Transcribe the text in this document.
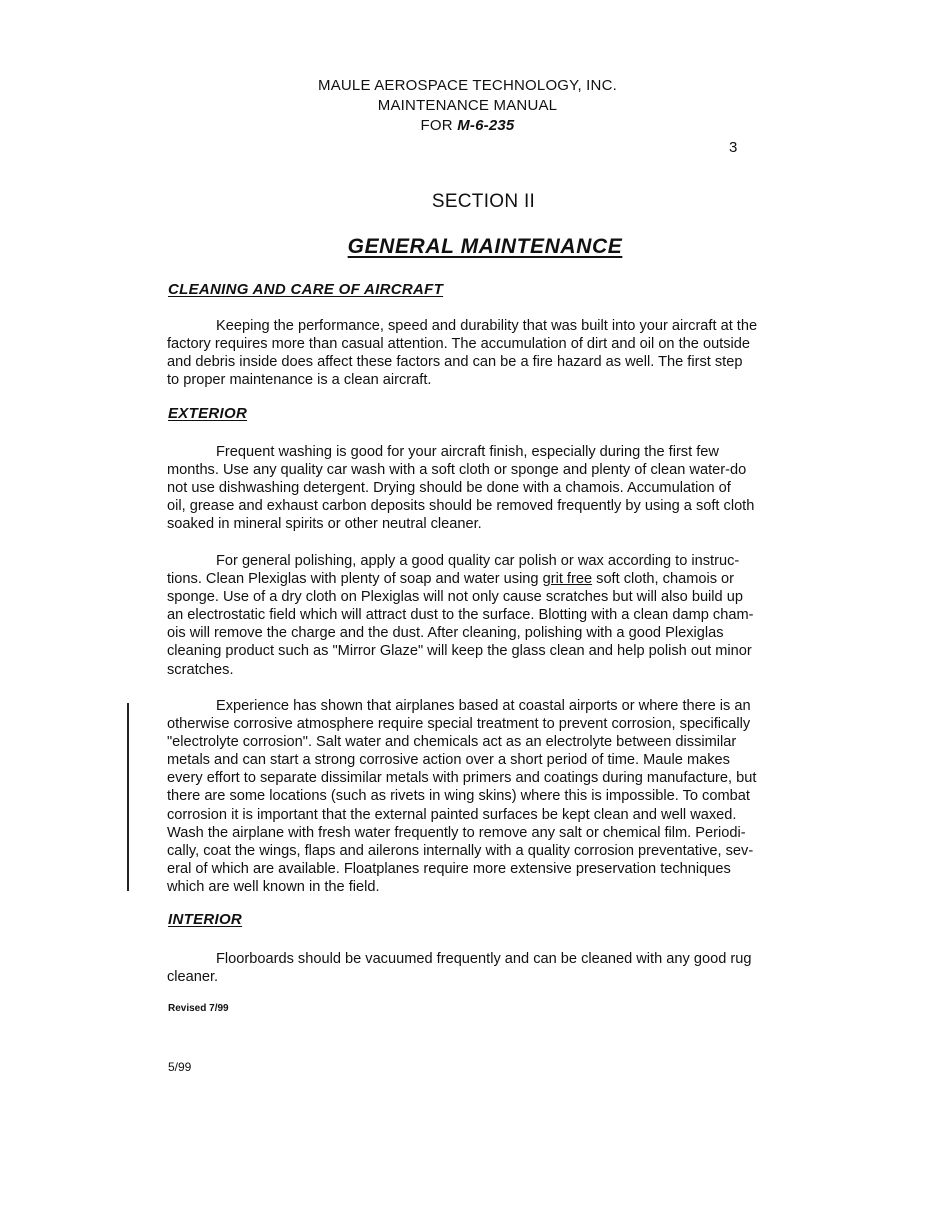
MAULE AEROSPACE TECHNOLOGY, INC.
MAINTENANCE MANUAL
FOR M-6-235
3
SECTION II
GENERAL MAINTENANCE
CLEANING AND CARE OF AIRCRAFT
Keeping the performance, speed and durability that was built into your aircraft at the
factory requires more than casual attention. The accumulation of dirt and oil on the outside
and debris inside does affect these factors and can be a fire hazard as well. The first step
to proper maintenance is a clean aircraft.
EXTERIOR
Frequent washing is good for your aircraft finish, especially during the first few
months. Use any quality car wash with a soft cloth or sponge and plenty of clean water-do
not use dishwashing detergent. Drying should be done with a chamois. Accumulation of
oil, grease and exhaust carbon deposits should be removed frequently by using a soft cloth
soaked in mineral spirits or other neutral cleaner.
For general polishing, apply a good quality car polish or wax according to instruc-
tions. Clean Plexiglas with plenty of soap and water using grit free soft cloth, chamois or
sponge. Use of a dry cloth on Plexiglas will not only cause scratches but will also build up
an electrostatic field which will attract dust to the surface. Blotting with a clean damp cham-
ois will remove the charge and the dust. After cleaning, polishing with a good Plexiglas
cleaning product such as "Mirror Glaze" will keep the glass clean and help polish out minor
scratches.
Experience has shown that airplanes based at coastal airports or where there is an
otherwise corrosive atmosphere require special treatment to prevent corrosion, specifically
"electrolyte corrosion". Salt water and chemicals act as an electrolyte between dissimilar
metals and can start a strong corrosive action over a short period of time. Maule makes
every effort to separate dissimilar metals with primers and coatings during manufacture, but
there are some locations (such as rivets in wing skins) where this is impossible. To combat
corrosion it is important that the external painted surfaces be kept clean and well waxed.
Wash the airplane with fresh water frequently to remove any salt or chemical film. Periodi-
cally, coat the wings, flaps and ailerons internally with a quality corrosion preventative, sev-
eral of which are available. Floatplanes require more extensive preservation techniques
which are well known in the field.
INTERIOR
Floorboards should be vacuumed frequently and can be cleaned with any good rug
cleaner.
Revised 7/99
5/99
